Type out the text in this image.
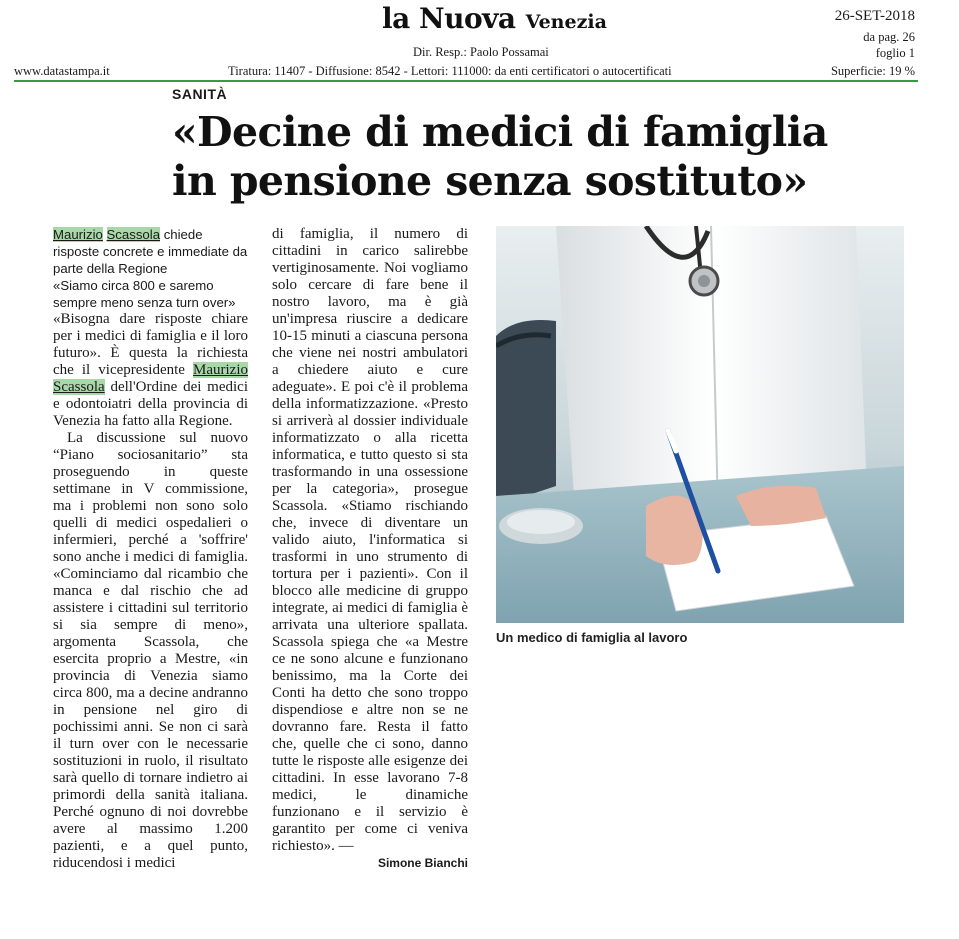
la Nuova Venezia	26-SET-2018
da pag. 26
foglio 1
Dir. Resp.: Paolo Possamai
www.datastampa.it	Tiratura: 11407 - Diffusione: 8542 - Lettori: 111000: da enti certificatori o autocertificati	Superficie: 19 %
SANITÀ
«Decine di medici di famiglia
in pensione senza sostituto»

Maurizio Scassola chiede risposte concrete e immediate da parte della Regione

«Siamo circa 800 e saremo sempre meno senza turn over»

«Bisogna dare risposte chiare per i medici di famiglia e il loro futuro». È questa la richiesta che il vicepresidente Maurizio Scassola dell'Ordine dei medici e odontoiatri della provincia di Venezia ha fatto alla Regione.

La discussione sul nuovo “Piano sociosanitario” sta proseguendo in queste settimane in V commissione, ma i problemi non sono solo quelli di medici ospedalieri o infermieri, perché a 'soffrire' sono anche i medici di famiglia. «Cominciamo dal ricambio che manca e dal rischio che ad assistere i cittadini sul territorio si sia sempre di meno», argomenta Scassola, che esercita proprio a Mestre, «in provincia di Venezia siamo circa 800, ma a decine andranno in pensione nel giro di pochissimi anni. Se non ci sarà il turn over con le necessarie sostituzioni in ruolo, il risultato sarà quello di tornare indietro ai primordi della sanità italiana. Perché ognuno di noi dovrebbe avere al massimo 1.200 pazienti, e a quel punto, riducendosi i medici

di famiglia, il numero di cittadini in carico salirebbe vertiginosamente. Noi vogliamo solo cercare di fare bene il nostro lavoro, ma è già un'impresa riuscire a dedicare 10-15 minuti a ciascuna persona che viene nei nostri ambulatori a chiedere aiuto e cure adeguate». E poi c'è il problema della informatizzazione. «Presto si arriverà al dossier individuale informatizzato o alla ricetta informatica, e tutto questo si sta trasformando in una ossessione per la categoria», prosegue Scassola. «Stiamo rischiando che, invece di diventare un valido aiuto, l'informatica si trasformi in uno strumento di tortura per i pazienti». Con il blocco alle medicine di gruppo integrate, ai medici di famiglia è arrivata una ulteriore spallata. Scassola spiega che «a Mestre ce ne sono alcune e funzionano benissimo, ma la Corte dei Conti ha detto che sono troppo dispendiose e altre non se ne dovranno fare. Resta il fatto che, quelle che ci sono, danno tutte le risposte alle esigenze dei cittadini. In esse lavorano 7-8 medici, le dinamiche funzionano e il servizio è garantito per come ci veniva richiesto». —

Simone Bianchi

Un medico di famiglia al lavoro
